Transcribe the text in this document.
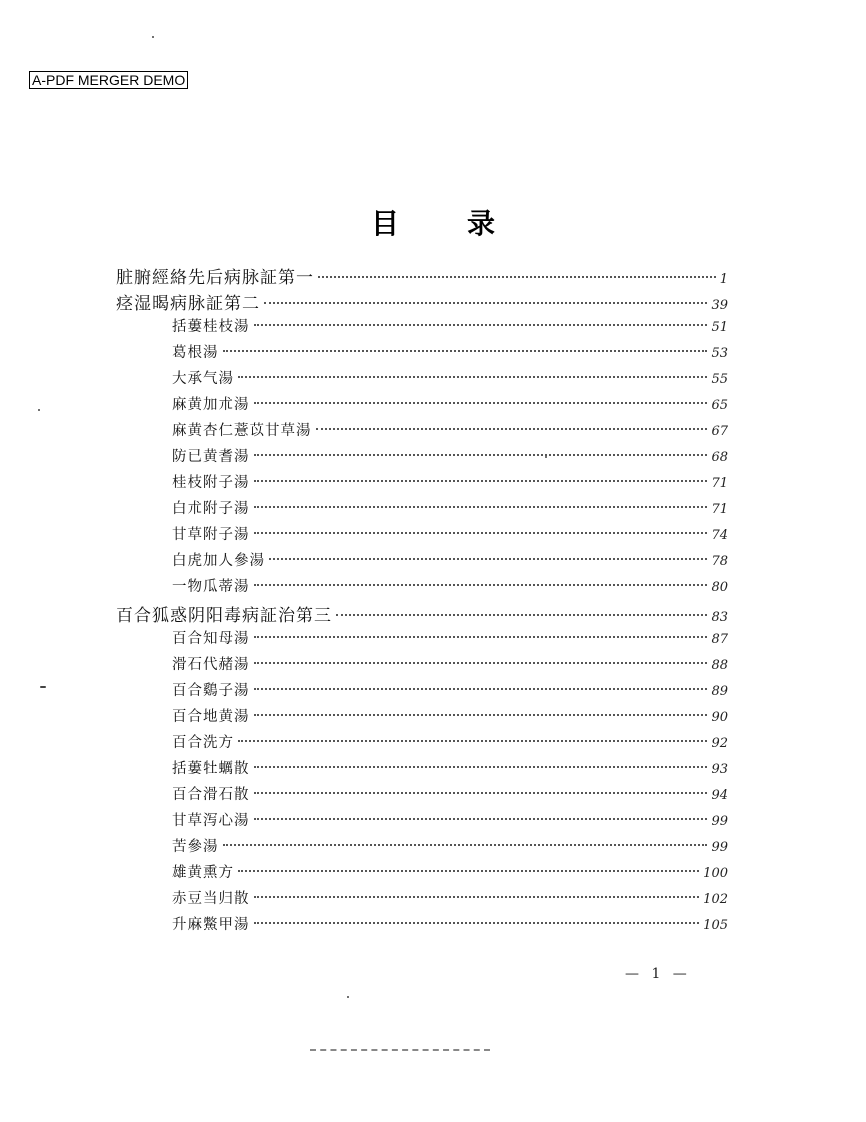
A-PDF MERGER DEMO
目 录
脏腑經絡先后病脉証第一	1
痉湿暍病脉証第二	39
括蔞桂枝湯	51
葛根湯	53
大承气湯	55
麻黄加朮湯	65
麻黄杏仁薏苡甘草湯	67
防已黄耆湯	68
桂枝附子湯	71
白朮附子湯	71
甘草附子湯	74
白虎加人參湯	78
一物瓜蒂湯	80
百合狐惑阴阳毒病証治第三	83
百合知母湯	87
滑石代赭湯	88
百合鷄子湯	89
百合地黄湯	90
百合洗方	92
括蔞牡蠣散	93
百合滑石散	94
甘草泻心湯	99
苦參湯	99
雄黄熏方	100
赤豆当归散	102
升麻鱉甲湯	105
— 1 —
